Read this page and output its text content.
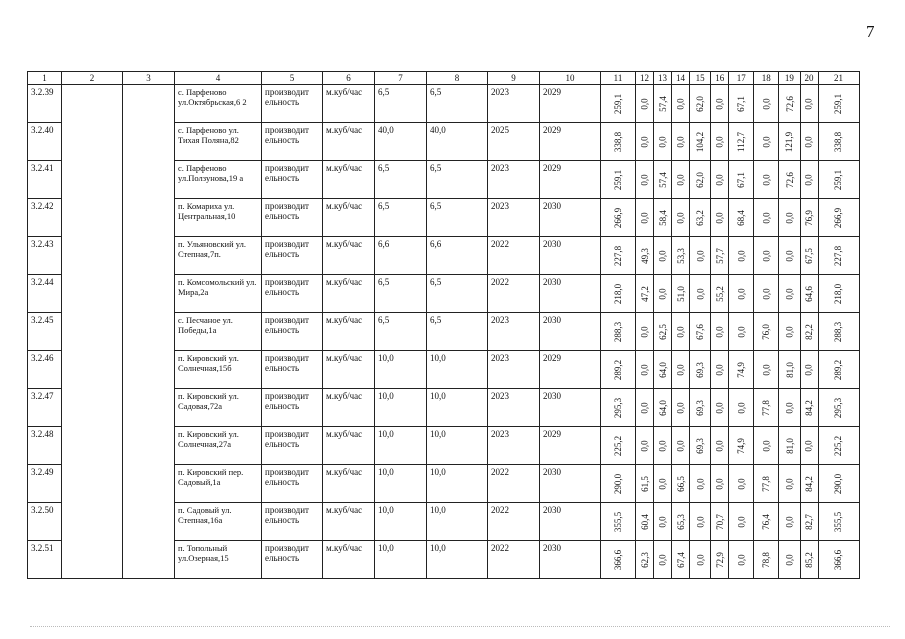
7
1	2	3	4	5	6	7	8	9	10	11	12	13	14	15	16	17	18	19	20	21
3.2.39			с. Парфеново ул.Октябрьская,6 2	производит ельность	м.куб/час	6,5	6,5	2023	2029	259,1	0,0	57,4	0,0	62,0	0,0	67,1	0,0	72,6	0,0	259,1
3.2.40			с. Парфеново ул. Тихая Поляна,82	производит ельность	м.куб/час	40,0	40,0	2025	2029	338,8	0,0	0,0	0,0	104,2	0,0	112,7	0,0	121,9	0,0	338,8
3.2.41			с. Парфеново ул.Ползунова,19 а	производит ельность	м.куб/час	6,5	6,5	2023	2029	259,1	0,0	57,4	0,0	62,0	0,0	67,1	0,0	72,6	0,0	259,1
3.2.42			п. Комариха ул. Центральная,10	производит ельность	м.куб/час	6,5	6,5	2023	2030	266,9	0,0	58,4	0,0	63,2	0,0	68,4	0,0	0,0	76,9	266,9
3.2.43			п. Ульяновский ул. Степная,7п.	производит ельность	м.куб/час	6,6	6,6	2022	2030	227,8	49,3	0,0	53,3	0,0	57,7	0,0	0,0	0,0	67,5	227,8
3.2.44			п. Комсомольский ул. Мира,2а	производит ельность	м.куб/час	6,5	6,5	2022	2030	218,0	47,2	0,0	51,0	0,0	55,2	0,0	0,0	0,0	64,6	218,0
3.2.45			с. Песчаное ул. Победы,1а	производит ельность	м.куб/час	6,5	6,5	2023	2030	288,3	0,0	62,5	0,0	67,6	0,0	0,0	76,0	0,0	82,2	288,3
3.2.46			п. Кировский ул. Солнечная,15б	производит ельность	м.куб/час	10,0	10,0	2023	2029	289,2	0,0	64,0	0,0	69,3	0,0	74,9	0,0	81,0	0,0	289,2
3.2.47			п. Кировский ул. Садовая,72а	производит ельность	м.куб/час	10,0	10,0	2023	2030	295,3	0,0	64,0	0,0	69,3	0,0	0,0	77,8	0,0	84,2	295,3
3.2.48			п. Кировский ул. Солнечная,27а	производит ельность	м.куб/час	10,0	10,0	2023	2029	225,2	0,0	0,0	0,0	69,3	0,0	74,9	0,0	81,0	0,0	225,2
3.2.49			п. Кировский пер. Садовый,1а	производит ельность	м.куб/час	10,0	10,0	2022	2030	290,0	61,5	0,0	66,5	0,0	0,0	0,0	77,8	0,0	84,2	290,0
3.2.50			п. Садовый ул. Степная,16а	производит ельность	м.куб/час	10,0	10,0	2022	2030	355,5	60,4	0,0	65,3	0,0	70,7	0,0	76,4	0,0	82,7	355,5
3.2.51			п. Топольный ул.Озерная,15	производит ельность	м.куб/час	10,0	10,0	2022	2030	366,6	62,3	0,0	67,4	0,0	72,9	0,0	78,8	0,0	85,2	366,6
